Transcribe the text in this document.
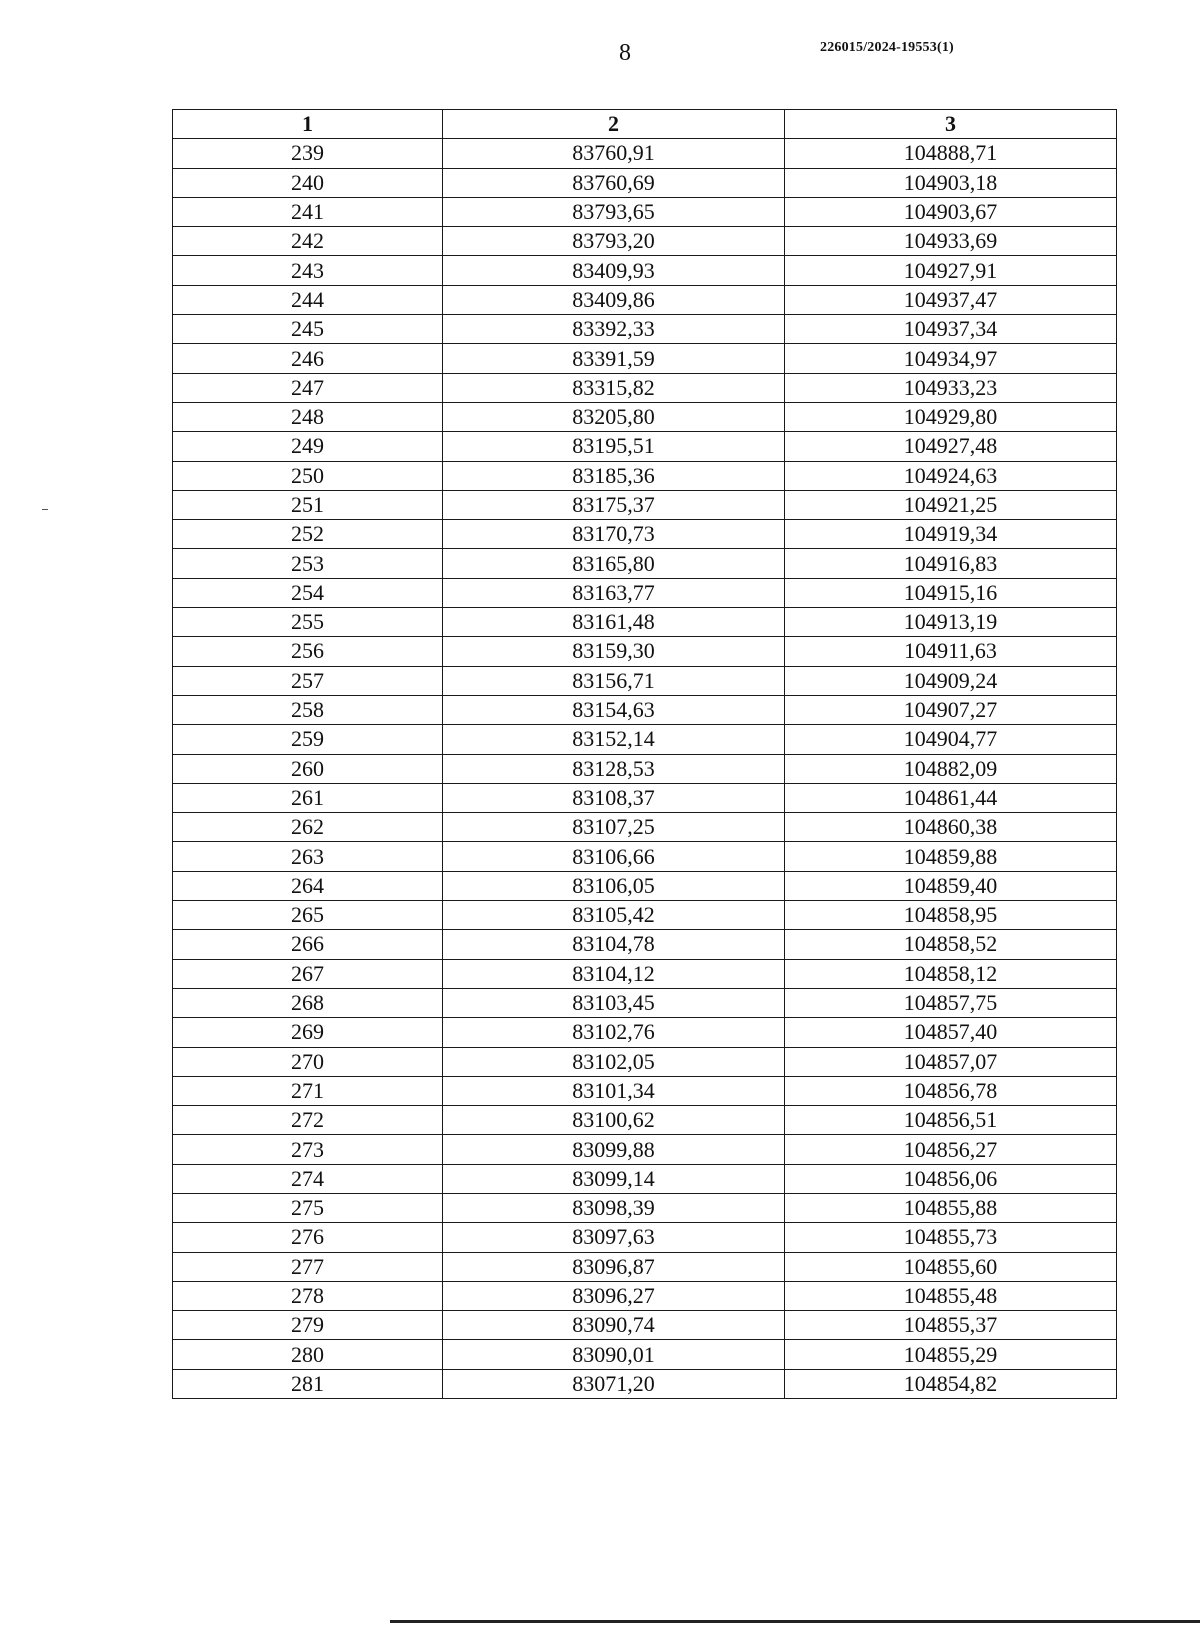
8	226015/2024-19553(1)
1	2	3
239	83760,91	104888,71
240	83760,69	104903,18
241	83793,65	104903,67
242	83793,20	104933,69
243	83409,93	104927,91
244	83409,86	104937,47
245	83392,33	104937,34
246	83391,59	104934,97
247	83315,82	104933,23
248	83205,80	104929,80
249	83195,51	104927,48
250	83185,36	104924,63
251	83175,37	104921,25
252	83170,73	104919,34
253	83165,80	104916,83
254	83163,77	104915,16
255	83161,48	104913,19
256	83159,30	104911,63
257	83156,71	104909,24
258	83154,63	104907,27
259	83152,14	104904,77
260	83128,53	104882,09
261	83108,37	104861,44
262	83107,25	104860,38
263	83106,66	104859,88
264	83106,05	104859,40
265	83105,42	104858,95
266	83104,78	104858,52
267	83104,12	104858,12
268	83103,45	104857,75
269	83102,76	104857,40
270	83102,05	104857,07
271	83101,34	104856,78
272	83100,62	104856,51
273	83099,88	104856,27
274	83099,14	104856,06
275	83098,39	104855,88
276	83097,63	104855,73
277	83096,87	104855,60
278	83096,27	104855,48
279	83090,74	104855,37
280	83090,01	104855,29
281	83071,20	104854,82
